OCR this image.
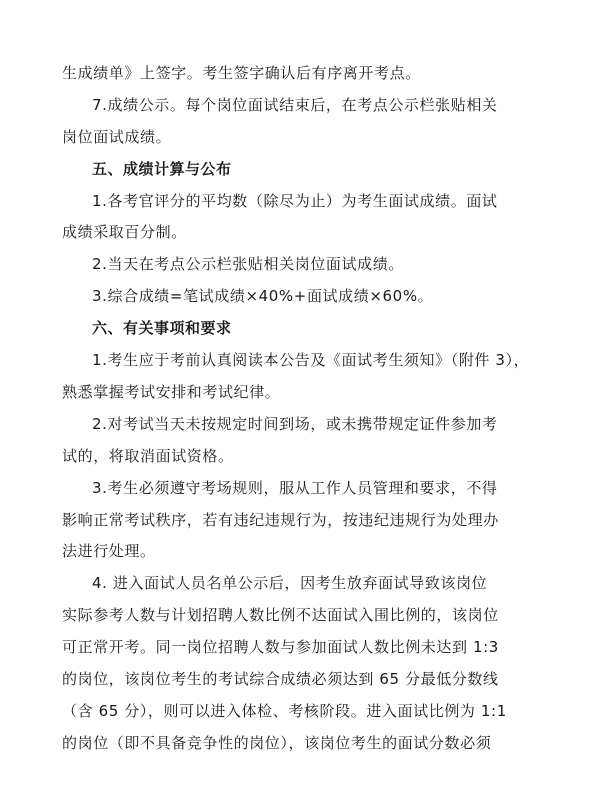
生成绩单》上签字。考生签字确认后有序离开考点。
7.成绩公示。每个岗位面试结束后，在考点公示栏张贴相关
岗位面试成绩。
五、成绩计算与公布
1.各考官评分的平均数（除尽为止）为考生面试成绩。面试
成绩采取百分制。
2.当天在考点公示栏张贴相关岗位面试成绩。
3.综合成绩=笔试成绩×40%+面试成绩×60%。
六、有关事项和要求
1.考生应于考前认真阅读本公告及《面试考生须知》（附件 3），
熟悉掌握考试安排和考试纪律。
2.对考试当天未按规定时间到场，或未携带规定证件参加考
试的，将取消面试资格。
3.考生必须遵守考场规则，服从工作人员管理和要求，不得
影响正常考试秩序，若有违纪违规行为，按违纪违规行为处理办
法进行处理。
4. 进入面试人员名单公示后，因考生放弃面试导致该岗位
实际参考人数与计划招聘人数比例不达面试入围比例的，该岗位
可正常开考。同一岗位招聘人数与参加面试人数比例未达到 1:3
的岗位，该岗位考生的考试综合成绩必须达到 65 分最低分数线
（含 65 分），则可以进入体检、考核阶段。进入面试比例为 1:1
的岗位（即不具备竞争性的岗位），该岗位考生的面试分数必须
